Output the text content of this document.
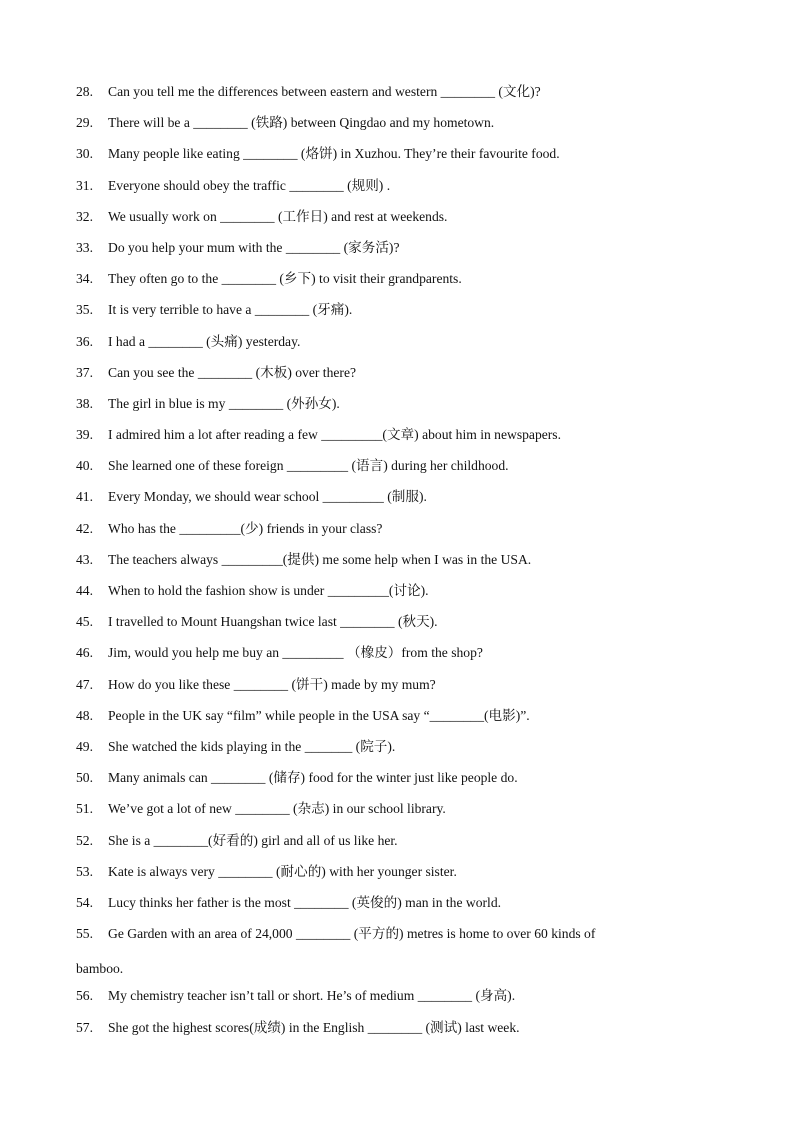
28.	Can you tell me the differences between eastern and western ________ (文化)?
29.	There will be a ________ (铁路) between Qingdao and my hometown.
30.	Many people like eating ________ (烙饼) in Xuzhou. They’re their favourite food.
31.	Everyone should obey the traffic ________ (规则) .
32.	We usually work on ________ (工作日) and rest at weekends.
33.	Do you help your mum with the ________ (家务活)?
34.	They often go to the ________ (乡下) to visit their grandparents.
35.	It is very terrible to have a ________ (牙痛).
36.	I had a ________ (头痛) yesterday.
37.	Can you see the ________ (木板) over there?
38.	The girl in blue is my ________ (外孙女).
39.	I admired him a lot after reading a few _________(文章) about him in newspapers.
40.	She learned one of these foreign _________ (语言) during her childhood.
41.	Every Monday, we should wear school _________ (制服).
42.	Who has the _________(少) friends in your class?
43.	The teachers always _________(提供) me some help when I was in the USA.
44.	When to hold the fashion show is under _________(讨论).
45.	I travelled to Mount Huangshan twice last ________ (秋天).
46.	Jim, would you help me buy an _________ （橡皮）from the shop?
47.	How do you like these ________ (饼干) made by my mum?
48.	People in the UK say “film” while people in the USA say “________(电影)”.
49.	She watched the kids playing in the _______ (院子).
50.	Many animals can ________ (储存) food for the winter just like people do.
51.	We’ve got a lot of new ________ (杂志) in our school library.
52.	She is a ________(好看的) girl and all of us like her.
53.	Kate is always very ________ (耐心的) with her younger sister.
54.	Lucy thinks her father is the most ________ (英俊的) man in the world.
55.	Ge Garden with an area of 24,000 ________ (平方的) metres is home to over 60 kinds of
bamboo.
56.	My chemistry teacher isn’t tall or short. He’s of medium ________ (身高).
57.	She got the highest scores(成绩) in the English ________ (测试) last week.
